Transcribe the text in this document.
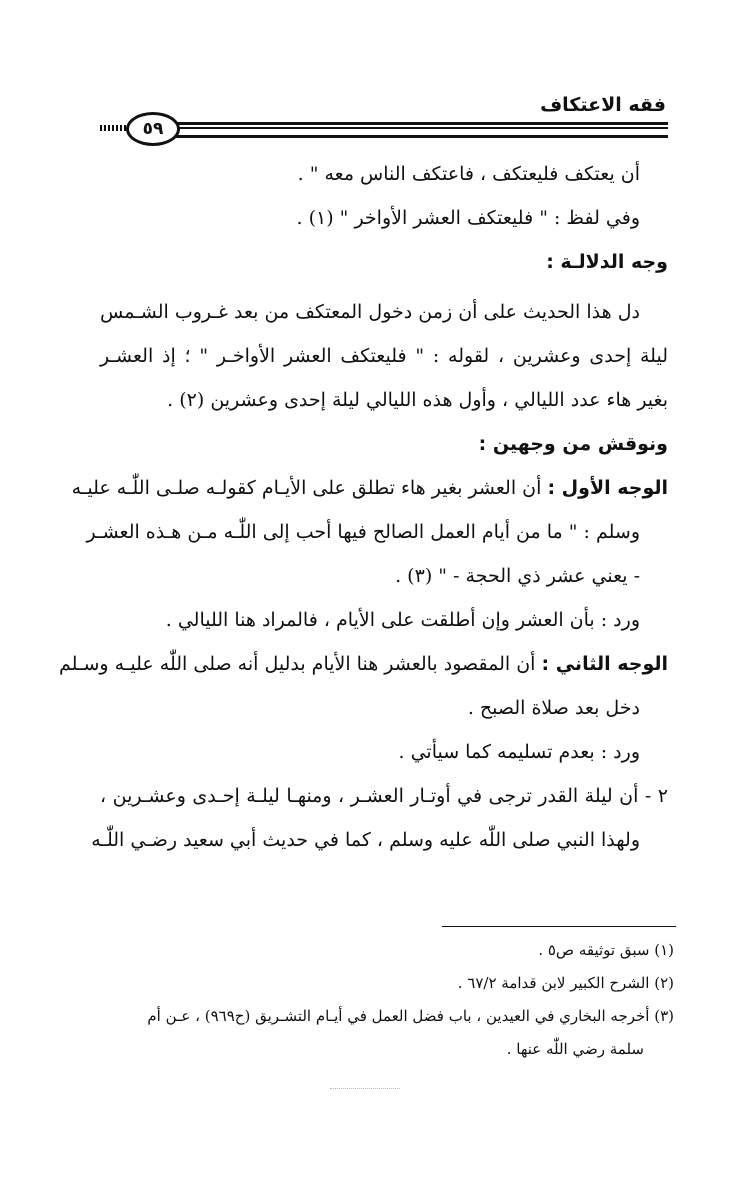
فقه الاعتكاف
٥٩
أن يعتكف فليعتكف ، فاعتكف الناس معه " .
وفي لفظ : " فليعتكف العشر الأواخر " (١) .
وجه الدلالـة :
دل هذا الحديث على أن زمن دخول المعتكف من بعد غـروب الشـمس
ليلة إحدى وعشرين ، لقوله : " فليعتكف العشر الأواخـر " ؛ إذ العشـر
بغير هاء عدد الليالي ، وأول هذه الليالي ليلة إحدى وعشرين (٢) .
ونوقش من وجهين :
الوجه الأول : أن العشر بغير هاء تطلق على الأيـام كقولـه صلـى اللّٰـه عليـه
وسلم : " ما من أيام العمل الصالح فيها أحب إلى اللّٰـه مـن هـذه العشـر
- يعني عشر ذي الحجة - " (٣) .
ورد : بأن العشر وإن أطلقت على الأيام ، فالمراد هنا الليالي .
الوجه الثاني : أن المقصود بالعشر هنا الأيام بدليل أنه صلى اللّٰه عليـه وسـلم
دخل بعد صلاة الصبح .
ورد : بعدم تسليمه كما سيأتي .
٢ - أن ليلة القدر ترجى في أوتـار العشـر ، ومنهـا ليلـة إحـدى وعشـرين ،
ولهذا النبي صلى اللّٰه عليه وسلم ، كما في حديث أبي سعيد رضـي اللّٰـه
(١) سبق توثيقه ص٥ .
(٢) الشرح الكبير لابن قدامة ٦٧/٢ .
(٣) أخرجه البخاري في العيدين ، باب فضل العمل في أيـام التشـريق (ح٩٦٩) ، عـن أم
سلمة رضي اللّٰه عنها .
